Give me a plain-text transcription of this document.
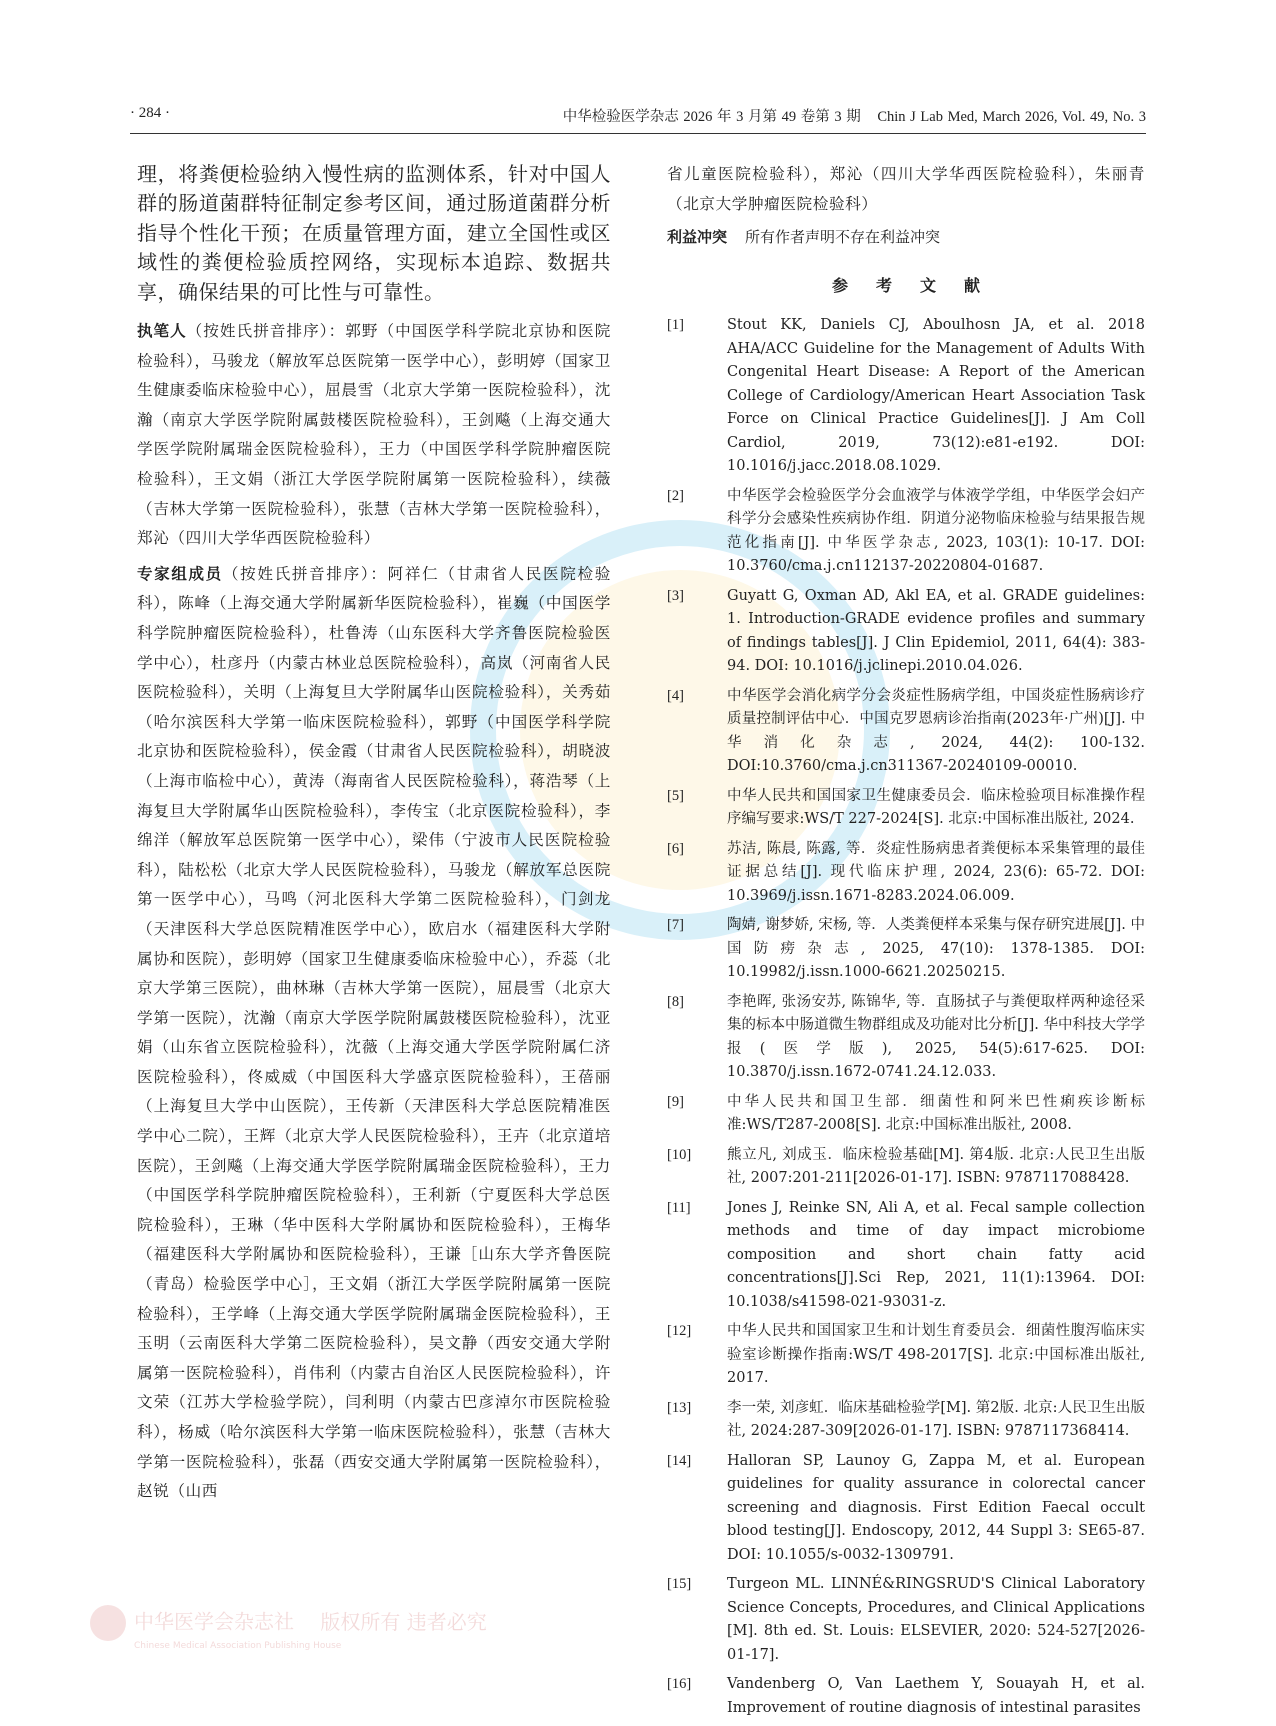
· 284 ·	中华检验医学杂志 2026 年 3 月第 49 卷第 3 期 Chin J Lab Med, March 2026, Vol. 49, No. 3

理，将粪便检验纳入慢性病的监测体系，针对中国人群的肠道菌群特征制定参考区间，通过肠道菌群分析指导个性化干预；在质量管理方面，建立全国性或区域性的粪便检验质控网络，实现标本追踪、数据共享，确保结果的可比性与可靠性。

执笔人（按姓氏拼音排序）：郭野（中国医学科学院北京协和医院检验科），马骏龙（解放军总医院第一医学中心），彭明婷（国家卫生健康委临床检验中心），屈晨雪（北京大学第一医院检验科），沈瀚（南京大学医学院附属鼓楼医院检验科），王剑飚（上海交通大学医学院附属瑞金医院检验科），王力（中国医学科学院肿瘤医院检验科），王文娟（浙江大学医学院附属第一医院检验科），续薇（吉林大学第一医院检验科），张慧（吉林大学第一医院检验科），郑沁（四川大学华西医院检验科）

专家组成员（按姓氏拼音排序）：阿祥仁（甘肃省人民医院检验科），陈峰（上海交通大学附属新华医院检验科），崔巍（中国医学科学院肿瘤医院检验科），杜鲁涛（山东医科大学齐鲁医院检验医学中心），杜彦丹（内蒙古林业总医院检验科），高岚（河南省人民医院检验科），关明（上海复旦大学附属华山医院检验科），关秀茹（哈尔滨医科大学第一临床医院检验科），郭野（中国医学科学院北京协和医院检验科），侯金霞（甘肃省人民医院检验科），胡晓波（上海市临检中心），黄涛（海南省人民医院检验科），蒋浩琴（上海复旦大学附属华山医院检验科），李传宝（北京医院检验科），李绵洋（解放军总医院第一医学中心），梁伟（宁波市人民医院检验科），陆松松（北京大学人民医院检验科），马骏龙（解放军总医院第一医学中心），马鸣（河北医科大学第二医院检验科），门剑龙（天津医科大学总医院精准医学中心），欧启水（福建医科大学附属协和医院），彭明婷（国家卫生健康委临床检验中心），乔蕊（北京大学第三医院），曲林琳（吉林大学第一医院），屈晨雪（北京大学第一医院），沈瀚（南京大学医学院附属鼓楼医院检验科），沈亚娟（山东省立医院检验科），沈薇（上海交通大学医学院附属仁济医院检验科），佟威威（中国医科大学盛京医院检验科），王蓓丽（上海复旦大学中山医院），王传新（天津医科大学总医院精准医学中心二院），王辉（北京大学人民医院检验科），王卉（北京道培医院），王剑飚（上海交通大学医学院附属瑞金医院检验科），王力（中国医学科学院肿瘤医院检验科），王利新（宁夏医科大学总医院检验科），王琳（华中医科大学附属协和医院检验科），王梅华（福建医科大学附属协和医院检验科），王谦［山东大学齐鲁医院（青岛）检验医学中心］，王文娟（浙江大学医学院附属第一医院检验科），王学峰（上海交通大学医学院附属瑞金医院检验科），王玉明（云南医科大学第二医院检验科），吴文静（西安交通大学附属第一医院检验科），肖伟利（内蒙古自治区人民医院检验科），许文荣（江苏大学检验学院），闫利明（内蒙古巴彦淖尔市医院检验科），杨威（哈尔滨医科大学第一临床医院检验科），张慧（吉林大学第一医院检验科），张磊（西安交通大学附属第一医院检验科），赵锐（山西

省儿童医院检验科），郑沁（四川大学华西医院检验科），朱丽青（北京大学肿瘤医院检验科）

利益冲突 所有作者声明不存在利益冲突

参考文献
[1]	Stout KK, Daniels CJ, Aboulhosn JA, et al. 2018 AHA/ACC Guideline for the Management of Adults With Congenital Heart Disease: A Report of the American College of Cardiology/American Heart Association Task Force on Clinical Practice Guidelines[J]. J Am Coll Cardiol, 2019, 73(12):e81-e192. DOI: 10.1016/j.jacc.2018.08.1029.
[2]	中华医学会检验医学分会血液学与体液学学组，中华医学会妇产科学分会感染性疾病协作组．阴道分泌物临床检验与结果报告规范化指南[J]. 中华医学杂志, 2023, 103(1): 10-17. DOI: 10.3760/cma.j.cn112137-20220804-01687.
[3]	Guyatt G, Oxman AD, Akl EA, et al. GRADE guidelines: 1. Introduction-GRADE evidence profiles and summary of findings tables[J]. J Clin Epidemiol, 2011, 64(4): 383-94. DOI: 10.1016/j.jclinepi.2010.04.026.
[4]	中华医学会消化病学分会炎症性肠病学组，中国炎症性肠病诊疗质量控制评估中心．中国克罗恩病诊治指南(2023年·广州)[J]. 中华消化杂志, 2024, 44(2): 100-132. DOI:10.3760/cma.j.cn311367-20240109-00010.
[5]	中华人民共和国国家卫生健康委员会．临床检验项目标准操作程序编写要求:WS/T 227-2024[S]. 北京:中国标准出版社, 2024.
[6]	苏洁, 陈晨, 陈露, 等．炎症性肠病患者粪便标本采集管理的最佳证据总结[J]. 现代临床护理, 2024, 23(6): 65-72. DOI: 10.3969/j.issn.1671-8283.2024.06.009.
[7]	陶婧, 谢梦娇, 宋杨, 等．人类粪便样本采集与保存研究进展[J]. 中国防痨杂志, 2025, 47(10): 1378-1385. DOI: 10.19982/j.issn.1000-6621.20250215.
[8]	李艳晖, 张汤安苏, 陈锦华, 等．直肠拭子与粪便取样两种途径采集的标本中肠道微生物群组成及功能对比分析[J]. 华中科技大学学报(医学版), 2025, 54(5):617-625. DOI: 10.3870/j.issn.1672-0741.24.12.033.
[9]	中华人民共和国卫生部．细菌性和阿米巴性痢疾诊断标准:WS/T287-2008[S]. 北京:中国标准出版社, 2008.
[10]	熊立凡, 刘成玉．临床检验基础[M]. 第4版. 北京:人民卫生出版社, 2007:201-211[2026-01-17]. ISBN: 9787117088428.
[11]	Jones J, Reinke SN, Ali A, et al. Fecal sample collection methods and time of day impact microbiome composition and short chain fatty acid concentrations[J].Sci Rep, 2021, 11(1):13964. DOI: 10.1038/s41598-021-93031-z.
[12]	中华人民共和国国家卫生和计划生育委员会．细菌性腹泻临床实验室诊断操作指南:WS/T 498-2017[S]. 北京:中国标准出版社, 2017.
[13]	李一荣, 刘彦虹．临床基础检验学[M]. 第2版. 北京:人民卫生出版社, 2024:287-309[2026-01-17]. ISBN: 9787117368414.
[14]	Halloran SP, Launoy G, Zappa M, et al. European guidelines for quality assurance in colorectal cancer screening and diagnosis. First Edition Faecal occult blood testing[J]. Endoscopy, 2012, 44 Suppl 3: SE65-87. DOI: 10.1055/s-0032-1309791.
[15]	Turgeon ML. LINNÉ&RINGSRUD'S Clinical Laboratory Science Concepts, Procedures, and Clinical Applications [M]. 8th ed. St. Louis: ELSEVIER, 2020: 524-527[2026-01-17].
[16]	Vandenberg O, Van Laethem Y, Souayah H, et al. Improvement of routine diagnosis of intestinal parasites
中华医学会杂志社 版权所有 违者必究
Chinese Medical Association Publishing House
